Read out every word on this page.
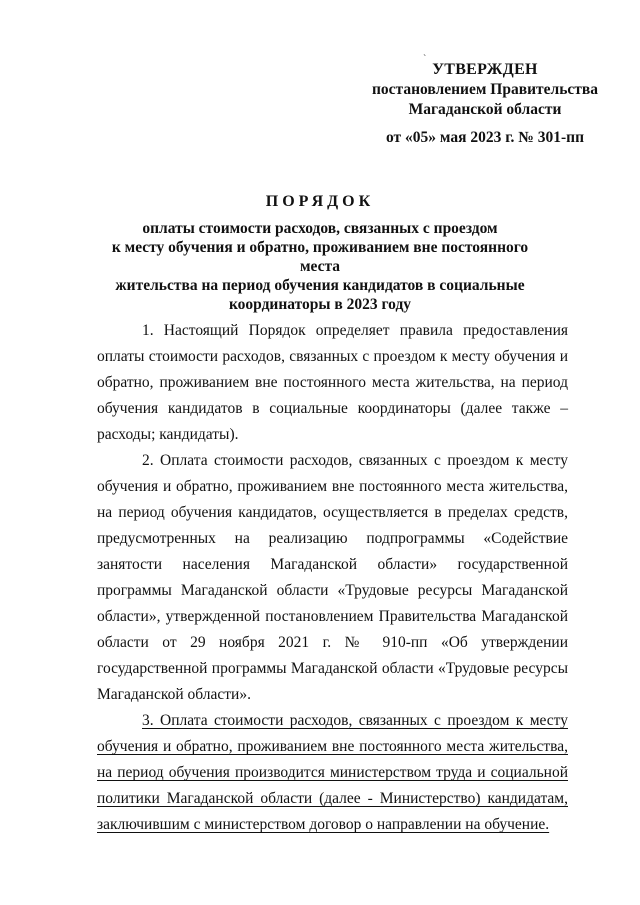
`
УТВЕРЖДЕН
постановлением Правительства
Магаданской области
от «05» мая 2023 г. № 301-пп
ПОРЯДОК
оплаты стоимости расходов, связанных с проездом
к месту обучения и обратно, проживанием вне постоянного места
жительства на период обучения кандидатов в социальные
координаторы в 2023 году

1. Настоящий Порядок определяет правила предоставления оплаты стоимости расходов, связанных с проездом к месту обучения и обратно, проживанием вне постоянного места жительства, на период обучения кандидатов в социальные координаторы (далее также – расходы; кандидаты).

2. Оплата стоимости расходов, связанных с проездом к месту обучения и обратно, проживанием вне постоянного места жительства, на период обучения кандидатов, осуществляется в пределах средств, предусмотренных на реализацию подпрограммы «Содействие занятости населения Магаданской области» государственной программы Магаданской области «Трудовые ресурсы Магаданской области», утвержденной постановлением Правительства Магаданской области от 29 ноября 2021 г. № 910-пп «Об утверждении государственной программы Магаданской области «Трудовые ресурсы Магаданской области».

3. Оплата стоимости расходов, связанных с проездом к месту обучения и обратно, проживанием вне постоянного места жительства, на период обучения производится министерством труда и социальной политики Магаданской области (далее - Министерство) кандидатам, заключившим с министерством договор о направлении на обучение.
